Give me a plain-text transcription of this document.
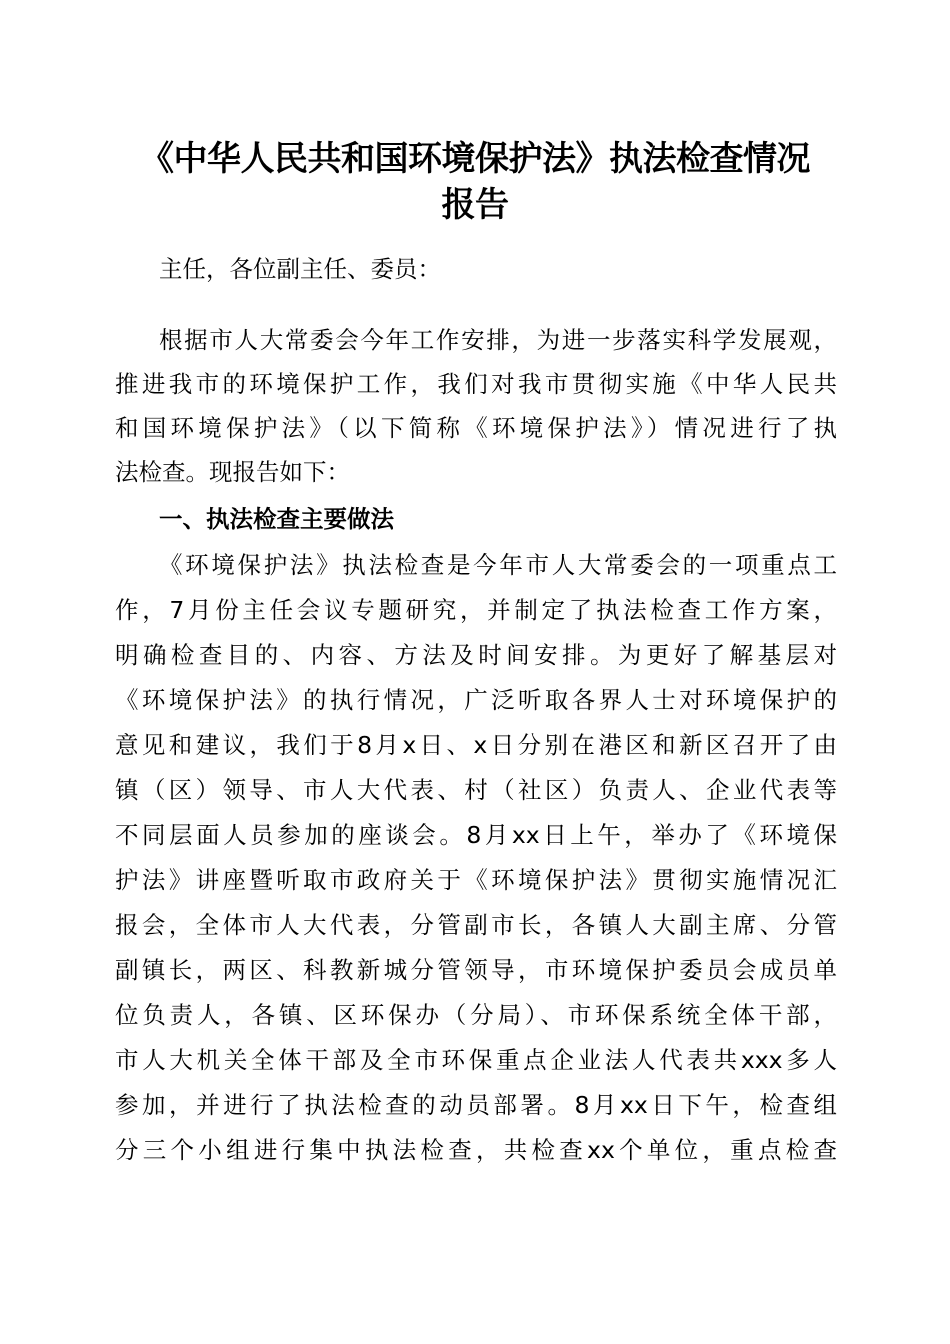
《中华人民共和国环境保护法》执法检查情况
报告
主任，各位副主任、委员：
根据市人大常委会今年工作安排，为进一步落实科学发展观，
推进我市的环境保护工作，我们对我市贯彻实施《中华人民共
和国环境保护法》（以下简称《环境保护法》）情况进行了执
法检查。现报告如下：
一、执法检查主要做法
《环境保护法》执法检查是今年市人大常委会的一项重点工
作，7月份主任会议专题研究，并制定了执法检查工作方案，
明确检查目的、内容、方法及时间安排。为更好了解基层对
《环境保护法》的执行情况，广泛听取各界人士对环境保护的
意见和建议，我们于8月x日、x日分别在港区和新区召开了由
镇（区）领导、市人大代表、村（社区）负责人、企业代表等
不同层面人员参加的座谈会。8月xx日上午，举办了《环境保
护法》讲座暨听取市政府关于《环境保护法》贯彻实施情况汇
报会，全体市人大代表，分管副市长，各镇人大副主席、分管
副镇长，两区、科教新城分管领导，市环境保护委员会成员单
位负责人，各镇、区环保办（分局）、市环保系统全体干部，
市人大机关全体干部及全市环保重点企业法人代表共xxx多人
参加，并进行了执法检查的动员部署。8月xx日下午，检查组
分三个小组进行集中执法检查，共检查xx个单位，重点检查
